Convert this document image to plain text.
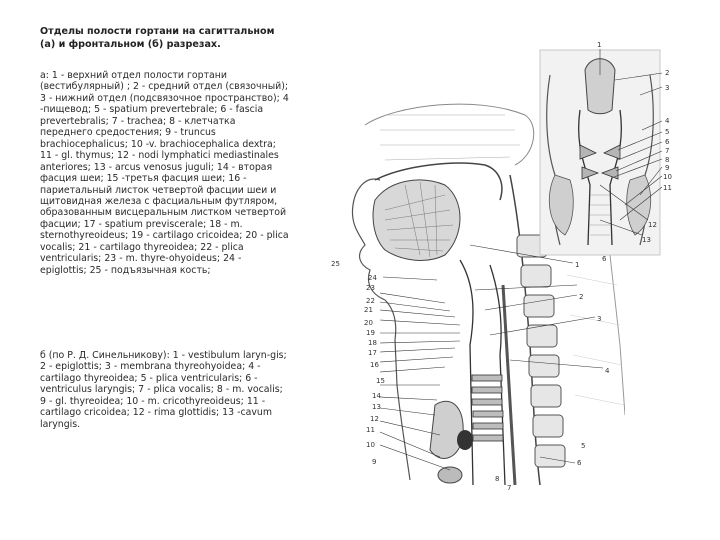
Отделы полости гортани на сагиттальном (а) и фронтальном (б) разрезах.
а: 1 - верхний отдел полости гортани (вестибулярный) ; 2 - средний отдел (связочный); 3 - нижний отдел (подсвязочное пространство); 4 -пищевод; 5 - spatium prevertebrale; 6 - fascia prevertebralis; 7 - trachea; 8 - клетчатка переднего средостения; 9 - truncus brachiocephalicus; 10 -v. brachiocephalica dextra; 11 - gl. thymus; 12 - nodi lymphatici mediastinales anteriores; 13 - arcus venosus juguli; 14 - вторая фасция шеи; 15 -третья фасция шеи; 16 - париетальный листок четвертой фасции шеи и щитовидная железа с фасциальным футляром, образованным висцеральным листком четвертой фасции; 17 - spatium previscerale; 18 - m. sternothyreoideus; 19 - cartilago cricoidea; 20 - plica vocalis; 21 - cartilago thyreoidea; 22 - plica ventricularis; 23 - m. thyre-ohyoideus; 24 - epiglottis; 25 - подъязычная кость;
б (по Р. Д. Синельникову): 1 - vestibulum laryn-gis; 2 - epiglottis; 3 - membrana thyreohyoidea; 4 - cartilago thyreoidea; 5 - plica ventricularis; 6 - ventriculus laryngis; 7 - plica vocalis; 8 - m. vocalis; 9 - gl. thyreoidea; 10 - m. cricothyreoideus; 11 - cartilago cricoidea; 12 - rima glottidis; 13 -cavum laryngis.
25
24
23
22
21
20
19
18
17
16
15
14
13
12
11
10
9
1
2
3
4
5
6
7
8
1
2
3
4
5
6
7
8
9
10
11
12
13
6
